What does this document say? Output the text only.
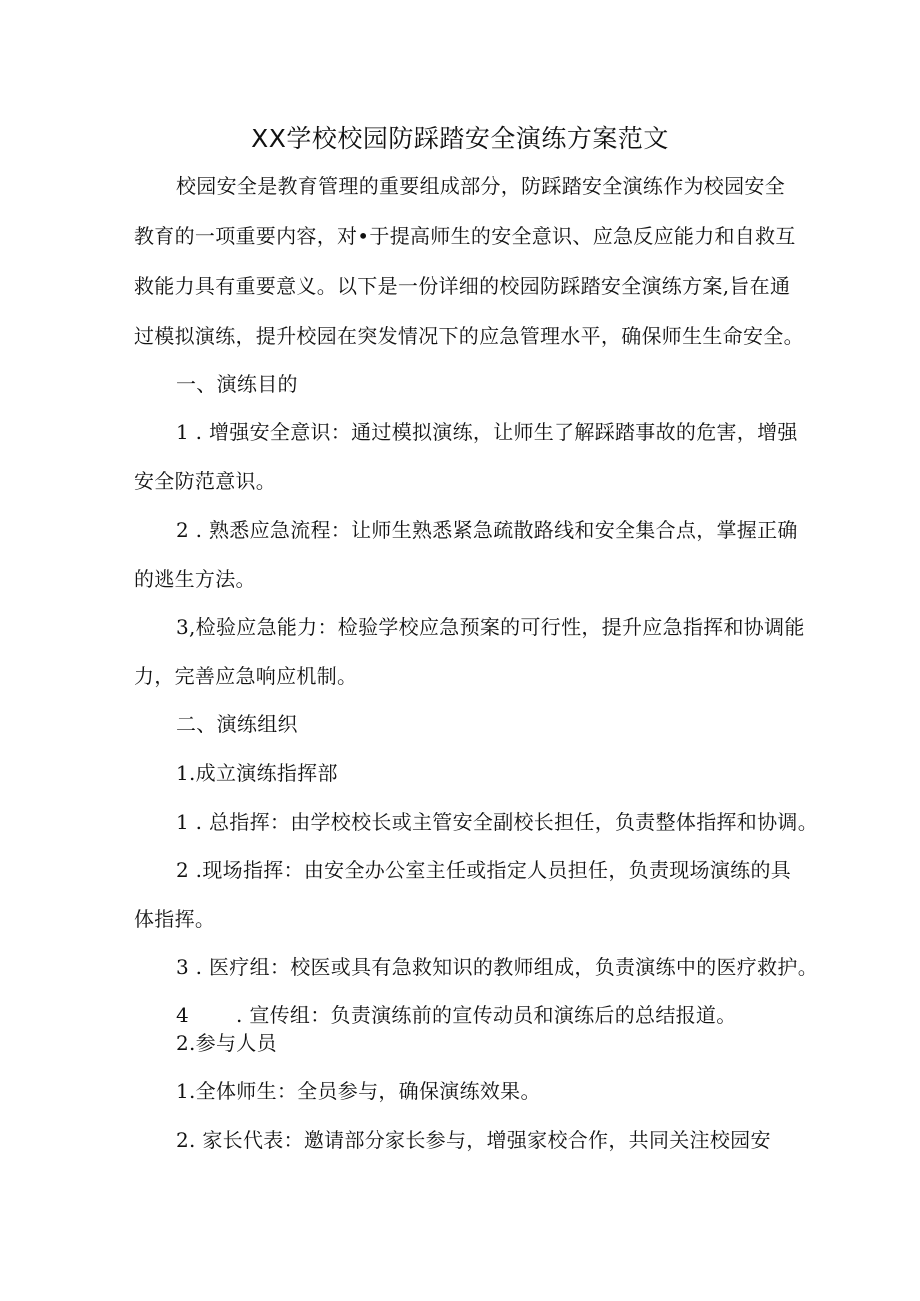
XX学校校园防踩踏安全演练方案范文
校园安全是教育管理的重要组成部分，防踩踏安全演练作为校园安全
教育的一项重要内容，对•于提高师生的安全意识、应急反应能力和自救互
救能力具有重要意义。以下是一份详细的校园防踩踏安全演练方案,旨在通
过模拟演练，提升校园在突发情况下的应急管理水平，确保师生生命安全。
一、演练目的
1 . 增强安全意识：通过模拟演练，让师生了解踩踏事故的危害，增强
安全防范意识。
2 . 熟悉应急流程：让师生熟悉紧急疏散路线和安全集合点，掌握正确
的逃生方法。
3,检验应急能力：检验学校应急预案的可行性，提升应急指挥和协调能
力，完善应急响应机制。
二、演练组织
1.成立演练指挥部
1 . 总指挥：由学校校长或主管安全副校长担任，负责整体指挥和协调。
2 .现场指挥：由安全办公室主任或指定人员担任，负责现场演练的具
体指挥。
3 . 医疗组：校医或具有急救知识的教师组成，负责演练中的医疗救护。
4 . 宣传组：负责演练前的宣传动员和演练后的总结报道。
2.参与人员
1.全体师生：全员参与，确保演练效果。
2. 家长代表：邀请部分家长参与，增强家校合作，共同关注校园安
